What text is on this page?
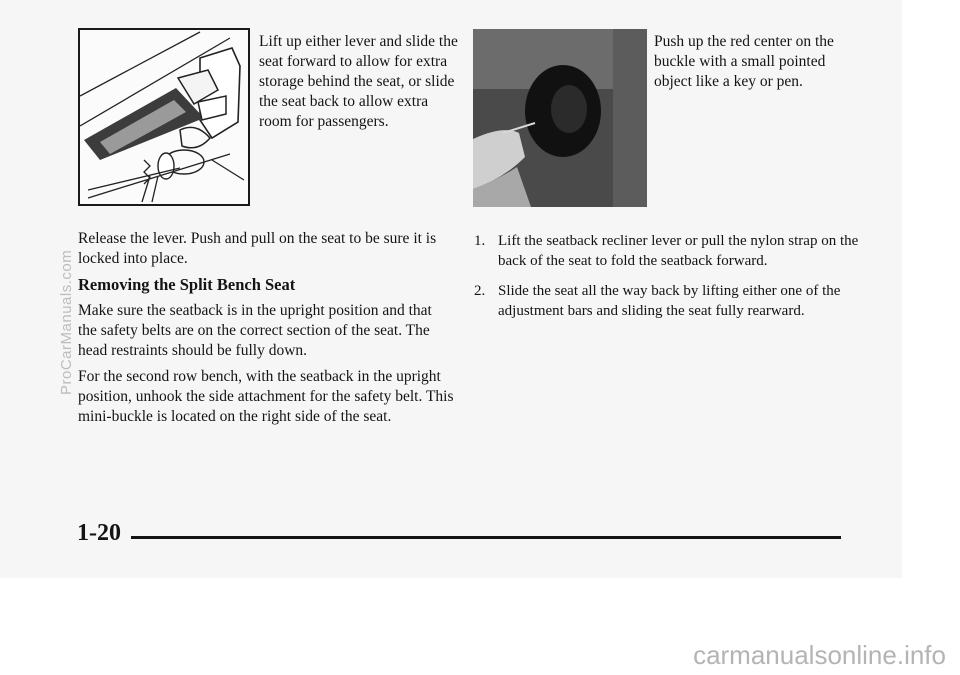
Lift up either lever and slide the seat forward to allow for extra storage behind the seat, or slide the seat back to allow extra room for passengers.
Push up the red center on the buckle with a small pointed object like a key or pen.

Release the lever. Push and pull on the seat to be sure it is locked into place.

Removing the Split Bench Seat

Make sure the seatback is in the upright position and that the safety belts are on the correct section of the seat. The head restraints should be fully down.

For the second row bench, with the seatback in the upright position, unhook the side attachment for the safety belt. This mini-buckle is located on the right side of the seat.

1. Lift the seatback recliner lever or pull the nylon strap on the back of the seat to fold the seatback forward.
2. Slide the seat all the way back by lifting either one of the adjustment bars and sliding the seat fully rearward.
1-20
ProCarManuals.com
carmanualsonline.info
